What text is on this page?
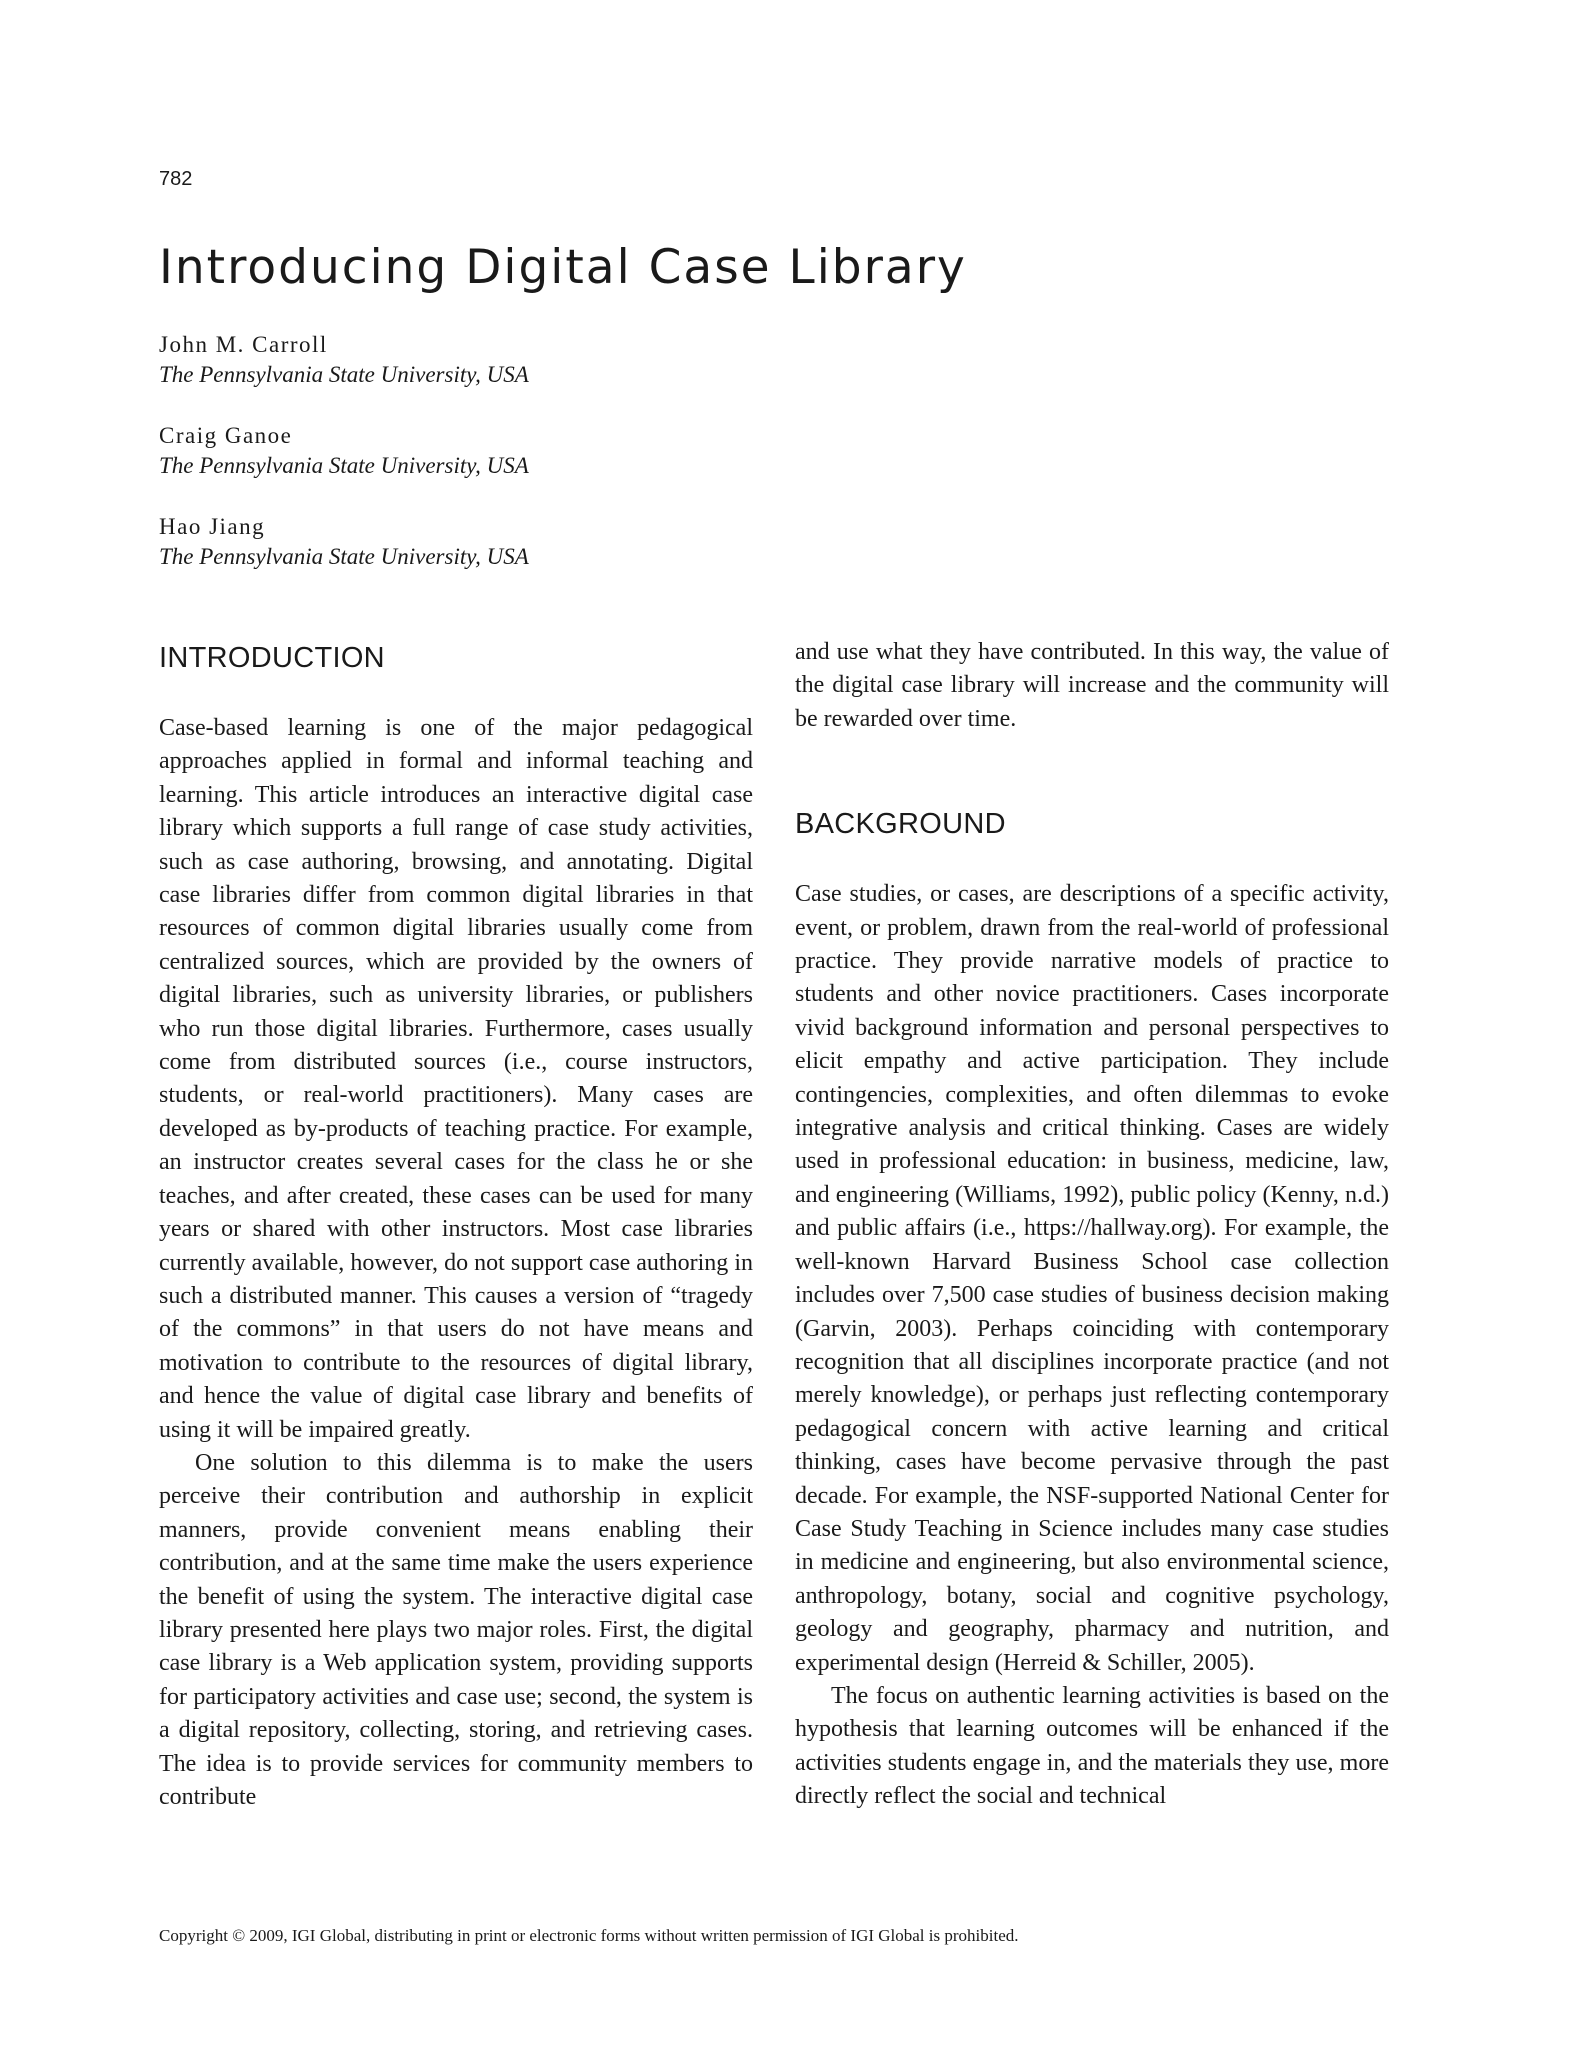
782
Introducing Digital Case Library
John M. Carroll
The Pennsylvania State University, USA
Craig Ganoe
The Pennsylvania State University, USA
Hao Jiang
The Pennsylvania State University, USA
INTRODUCTION

Case-based learning is one of the major pedagogical approaches applied in formal and informal teaching and learning. This article introduces an interactive digital case library which supports a full range of case study activities, such as case authoring, browsing, and annotating. Digital case libraries differ from common digital libraries in that resources of common digital libraries usually come from centralized sources, which are provided by the owners of digital libraries, such as university libraries, or publishers who run those digital libraries. Furthermore, cases usually come from distributed sources (i.e., course instructors, students, or real-world practitioners). Many cases are developed as by-products of teaching practice. For example, an instructor creates several cases for the class he or she teaches, and after created, these cases can be used for many years or shared with other instructors. Most case libraries currently available, however, do not support case authoring in such a distributed manner. This causes a version of “tragedy of the commons” in that users do not have means and motivation to contribute to the resources of digital library, and hence the value of digital case library and benefits of using it will be impaired greatly.

One solution to this dilemma is to make the users perceive their contribution and authorship in explicit manners, provide convenient means enabling their contribution, and at the same time make the users experience the benefit of using the system. The interactive digital case library presented here plays two major roles. First, the digital case library is a Web application system, providing supports for participatory activities and case use; second, the system is a digital repository, collecting, storing, and retrieving cases. The idea is to provide services for community members to contribute

and use what they have contributed. In this way, the value of the digital case library will increase and the community will be rewarded over time.

BACKGROUND

Case studies, or cases, are descriptions of a specific activity, event, or problem, drawn from the real-world of professional practice. They provide narrative models of practice to students and other novice practitioners. Cases incorporate vivid background information and personal perspectives to elicit empathy and active participation. They include contingencies, complexities, and often dilemmas to evoke integrative analysis and critical thinking. Cases are widely used in professional education: in business, medicine, law, and engineering (Williams, 1992), public policy (Kenny, n.d.) and public affairs (i.e., https://hallway.org). For example, the well-known Harvard Business School case collection includes over 7,500 case studies of business decision making (Garvin, 2003). Perhaps coinciding with contemporary recognition that all disciplines incorporate practice (and not merely knowledge), or perhaps just reflecting contemporary pedagogical concern with active learning and critical thinking, cases have become pervasive through the past decade. For example, the NSF-supported National Center for Case Study Teaching in Science includes many case studies in medicine and engineering, but also environmental science, anthropology, botany, social and cognitive psychology, geology and geography, pharmacy and nutrition, and experimental design (Herreid & Schiller, 2005).

The focus on authentic learning activities is based on the hypothesis that learning outcomes will be enhanced if the activities students engage in, and the materials they use, more directly reflect the social and technical

Copyright © 2009, IGI Global, distributing in print or electronic forms without written permission of IGI Global is prohibited.
